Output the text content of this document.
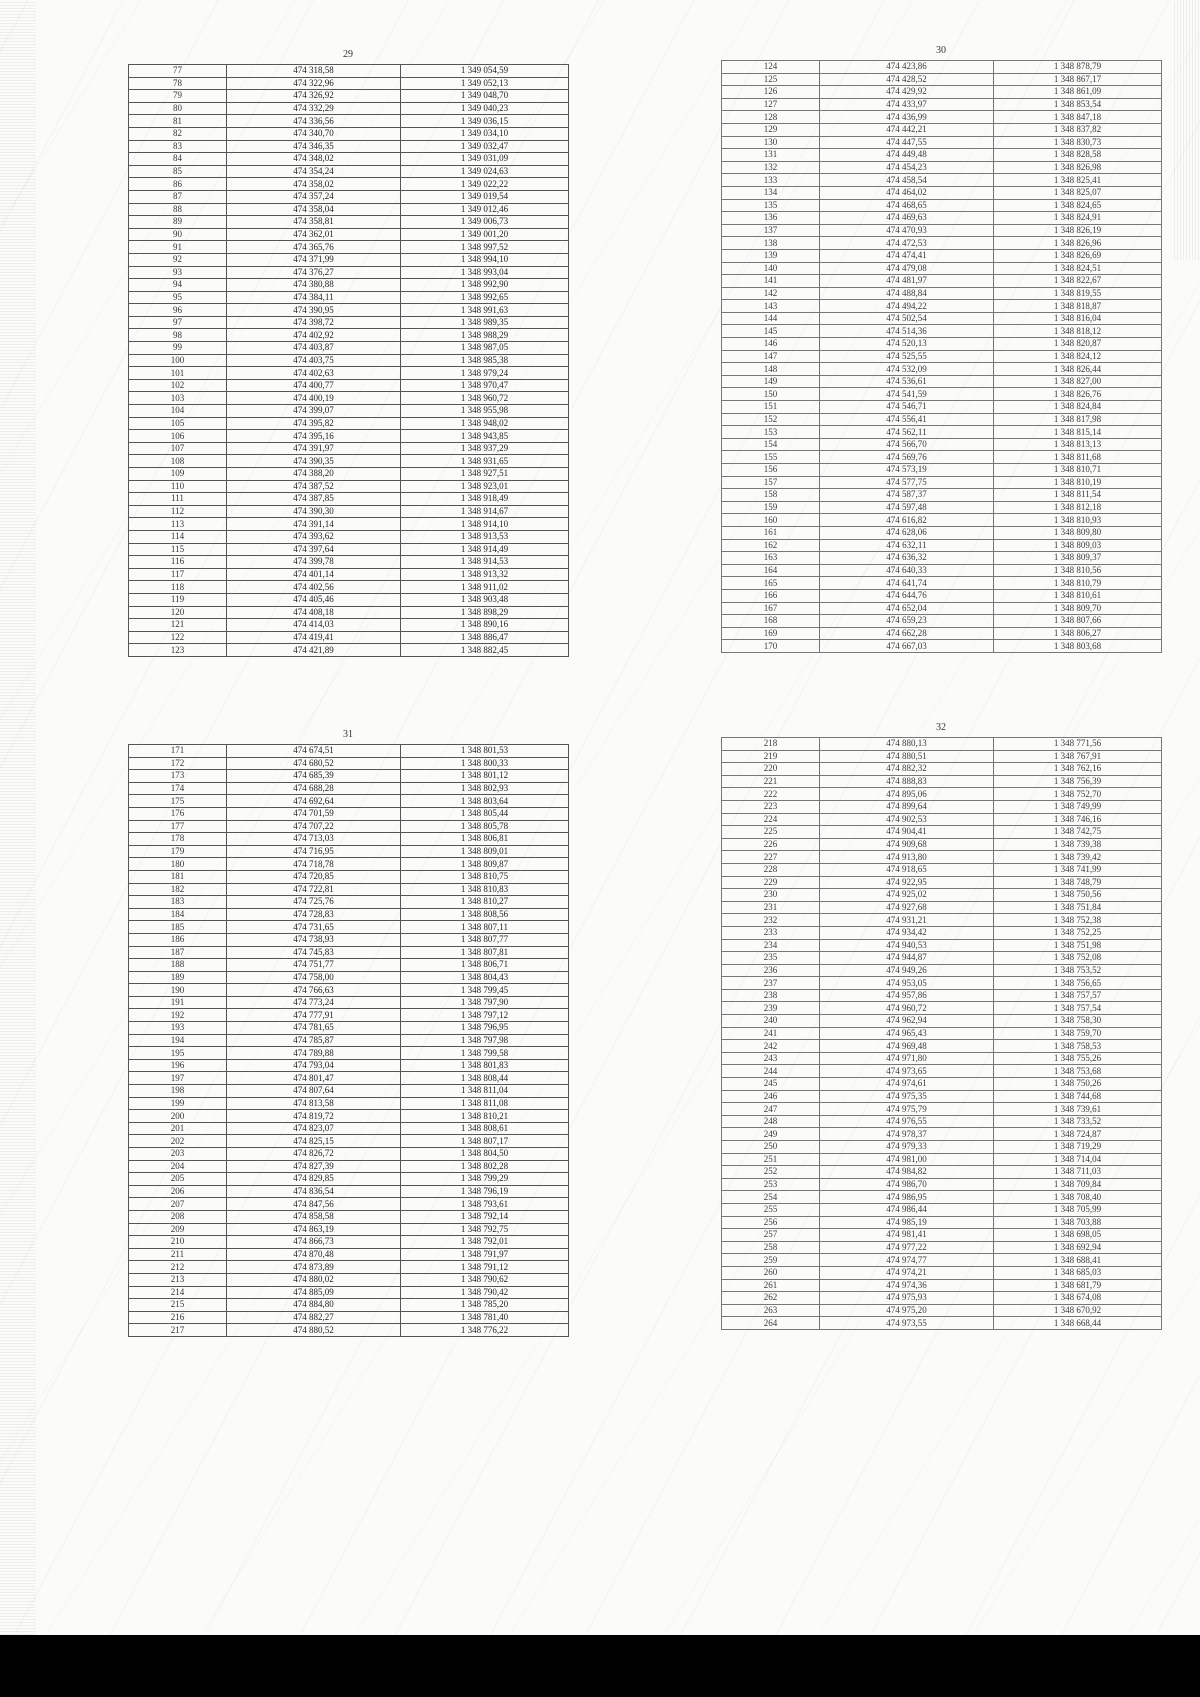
29
77	474 318,58	1 349 054,59
78	474 322,96	1 349 052,13
79	474 326,92	1 349 048,70
80	474 332,29	1 349 040,23
81	474 336,56	1 349 036,15
82	474 340,70	1 349 034,10
83	474 346,35	1 349 032,47
84	474 348,02	1 349 031,09
85	474 354,24	1 349 024,63
86	474 358,02	1 349 022,22
87	474 357,24	1 349 019,54
88	474 358,04	1 349 012,46
89	474 358,81	1 349 006,73
90	474 362,01	1 349 001,20
91	474 365,76	1 348 997,52
92	474 371,99	1 348 994,10
93	474 376,27	1 348 993,04
94	474 380,88	1 348 992,90
95	474 384,11	1 348 992,65
96	474 390,95	1 348 991,63
97	474 398,72	1 348 989,35
98	474 402,92	1 348 988,29
99	474 403,87	1 348 987,05
100	474 403,75	1 348 985,38
101	474 402,63	1 348 979,24
102	474 400,77	1 348 970,47
103	474 400,19	1 348 960,72
104	474 399,07	1 348 955,98
105	474 395,82	1 348 948,02
106	474 395,16	1 348 943,85
107	474 391,97	1 348 937,29
108	474 390,35	1 348 931,65
109	474 388,20	1 348 927,51
110	474 387,52	1 348 923,01
111	474 387,85	1 348 918,49
112	474 390,30	1 348 914,67
113	474 391,14	1 348 914,10
114	474 393,62	1 348 913,53
115	474 397,64	1 348 914,49
116	474 399,78	1 348 914,53
117	474 401,14	1 348 913,32
118	474 402,56	1 348 911,02
119	474 405,46	1 348 903,48
120	474 408,18	1 348 898,29
121	474 414,03	1 348 890,16
122	474 419,41	1 348 886,47
123	474 421,89	1 348 882,45
30
124	474 423,86	1 348 878,79
125	474 428,52	1 348 867,17
126	474 429,92	1 348 861,09
127	474 433,97	1 348 853,54
128	474 436,99	1 348 847,18
129	474 442,21	1 348 837,82
130	474 447,55	1 348 830,73
131	474 449,48	1 348 828,58
132	474 454,23	1 348 826,98
133	474 458,54	1 348 825,41
134	474 464,02	1 348 825,07
135	474 468,65	1 348 824,65
136	474 469,63	1 348 824,91
137	474 470,93	1 348 826,19
138	474 472,53	1 348 826,96
139	474 474,41	1 348 826,69
140	474 479,08	1 348 824,51
141	474 481,97	1 348 822,67
142	474 488,84	1 348 819,55
143	474 494,22	1 348 818,87
144	474 502,54	1 348 816,04
145	474 514,36	1 348 818,12
146	474 520,13	1 348 820,87
147	474 525,55	1 348 824,12
148	474 532,09	1 348 826,44
149	474 536,61	1 348 827,00
150	474 541,59	1 348 826,76
151	474 546,71	1 348 824,84
152	474 556,41	1 348 817,98
153	474 562,11	1 348 815,14
154	474 566,70	1 348 813,13
155	474 569,76	1 348 811,68
156	474 573,19	1 348 810,71
157	474 577,75	1 348 810,19
158	474 587,37	1 348 811,54
159	474 597,48	1 348 812,18
160	474 616,82	1 348 810,93
161	474 628,06	1 348 809,80
162	474 632,11	1 348 809,03
163	474 636,32	1 348 809,37
164	474 640,33	1 348 810,56
165	474 641,74	1 348 810,79
166	474 644,76	1 348 810,61
167	474 652,04	1 348 809,70
168	474 659,23	1 348 807,66
169	474 662,28	1 348 806,27
170	474 667,03	1 348 803,68
31
171	474 674,51	1 348 801,53
172	474 680,52	1 348 800,33
173	474 685,39	1 348 801,12
174	474 688,28	1 348 802,93
175	474 692,64	1 348 803,64
176	474 701,59	1 348 805,44
177	474 707,22	1 348 805,78
178	474 713,03	1 348 806,81
179	474 716,95	1 348 809,01
180	474 718,78	1 348 809,87
181	474 720,85	1 348 810,75
182	474 722,81	1 348 810,83
183	474 725,76	1 348 810,27
184	474 728,83	1 348 808,56
185	474 731,65	1 348 807,11
186	474 738,93	1 348 807,77
187	474 745,83	1 348 807,81
188	474 751,77	1 348 806,71
189	474 758,00	1 348 804,43
190	474 766,63	1 348 799,45
191	474 773,24	1 348 797,90
192	474 777,91	1 348 797,12
193	474 781,65	1 348 796,95
194	474 785,87	1 348 797,98
195	474 789,88	1 348 799,58
196	474 793,04	1 348 801,83
197	474 801,47	1 348 808,44
198	474 807,64	1 348 811,04
199	474 813,58	1 348 811,08
200	474 819,72	1 348 810,21
201	474 823,07	1 348 808,61
202	474 825,15	1 348 807,17
203	474 826,72	1 348 804,50
204	474 827,39	1 348 802,28
205	474 829,85	1 348 799,29
206	474 836,54	1 348 796,19
207	474 847,56	1 348 793,61
208	474 858,58	1 348 792,14
209	474 863,19	1 348 792,75
210	474 866,73	1 348 792,01
211	474 870,48	1 348 791,97
212	474 873,89	1 348 791,12
213	474 880,02	1 348 790,62
214	474 885,09	1 348 790,42
215	474 884,80	1 348 785,20
216	474 882,27	1 348 781,40
217	474 880,52	1 348 776,22
32
218	474 880,13	1 348 771,56
219	474 880,51	1 348 767,91
220	474 882,32	1 348 762,16
221	474 888,83	1 348 756,39
222	474 895,06	1 348 752,70
223	474 899,64	1 348 749,99
224	474 902,53	1 348 746,16
225	474 904,41	1 348 742,75
226	474 909,68	1 348 739,38
227	474 913,80	1 348 739,42
228	474 918,65	1 348 741,99
229	474 922,95	1 348 748,79
230	474 925,02	1 348 750,56
231	474 927,68	1 348 751,84
232	474 931,21	1 348 752,38
233	474 934,42	1 348 752,25
234	474 940,53	1 348 751,98
235	474 944,87	1 348 752,08
236	474 949,26	1 348 753,52
237	474 953,05	1 348 756,65
238	474 957,86	1 348 757,57
239	474 960,72	1 348 757,54
240	474 962,94	1 348 758,30
241	474 965,43	1 348 759,70
242	474 969,48	1 348 758,53
243	474 971,80	1 348 755,26
244	474 973,65	1 348 753,68
245	474 974,61	1 348 750,26
246	474 975,35	1 348 744,68
247	474 975,79	1 348 739,61
248	474 976,55	1 348 733,52
249	474 978,37	1 348 724,87
250	474 979,33	1 348 719,29
251	474 981,00	1 348 714,04
252	474 984,82	1 348 711,03
253	474 986,70	1 348 709,84
254	474 986,95	1 348 708,40
255	474 986,44	1 348 705,99
256	474 985,19	1 348 703,88
257	474 981,41	1 348 698,05
258	474 977,22	1 348 692,94
259	474 974,77	1 348 688,41
260	474 974,21	1 348 685,03
261	474 974,36	1 348 681,79
262	474 975,93	1 348 674,08
263	474 975,20	1 348 670,92
264	474 973,55	1 348 668,44
